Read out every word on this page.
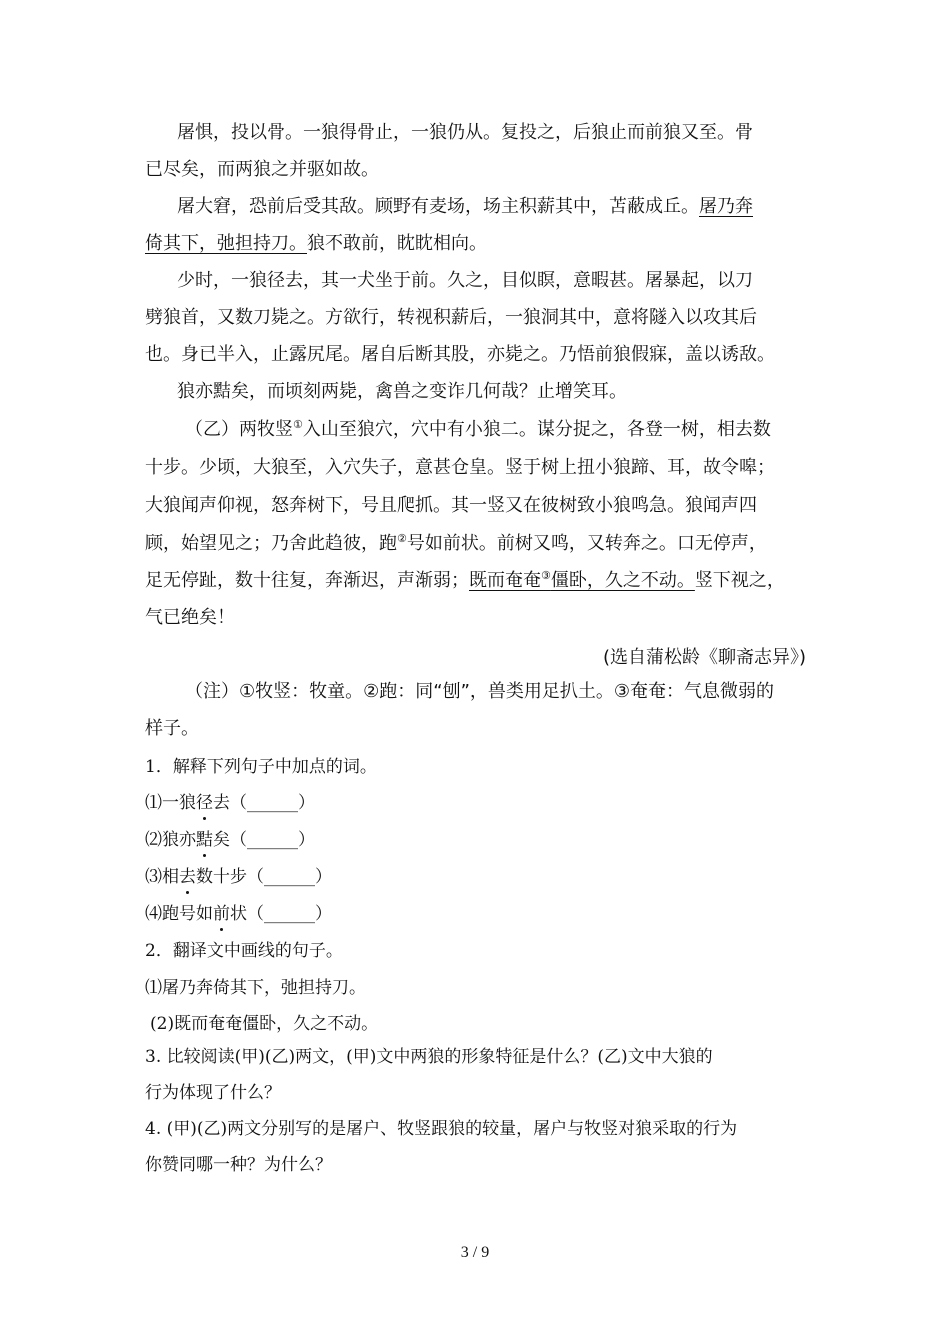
屠惧，投以骨。一狼得骨止，一狼仍从。复投之，后狼止而前狼又至。骨
已尽矣，而两狼之并驱如故。
屠大窘，恐前后受其敌。顾野有麦场，场主积薪其中，苫蔽成丘。屠乃奔
倚其下，弛担持刀。狼不敢前，眈眈相向。
少时，一狼径去，其一犬坐于前。久之，目似瞑，意暇甚。屠暴起，以刀
劈狼首，又数刀毙之。方欲行，转视积薪后，一狼洞其中，意将隧入以攻其后
也。身已半入，止露尻尾。屠自后断其股，亦毙之。乃悟前狼假寐，盖以诱敌。
狼亦黠矣，而顷刻两毙，禽兽之变诈几何哉？止增笑耳。
（乙）两牧竖①入山至狼穴，穴中有小狼二。谋分捉之，各登一树，相去数
十步。少顷，大狼至，入穴失子，意甚仓皇。竖于树上扭小狼蹄、耳，故令嗥；
大狼闻声仰视，怒奔树下，号且爬抓。其一竖又在彼树致小狼鸣急。狼闻声四
顾，始望见之；乃舍此趋彼，跑②号如前状。前树又鸣，又转奔之。口无停声，
足无停趾，数十往复，奔渐迟，声渐弱；既而奄奄③僵卧，久之不动。竖下视之，
气已绝矣！
(选自蒲松龄《聊斋志异》)
（注）①牧竖：牧童。②跑：同“刨”，兽类用足扒土。③奄奄：气息微弱的
样子。
1．解释下列句子中加点的词。
⑴一狼径去（______）
⑵狼亦黠矣（______）
⑶相去数十步（______）
⑷跑号如前状（______）
2．翻译文中画线的句子。
⑴屠乃奔倚其下，弛担持刀。
(2)既而奄奄僵卧，久之不动。
3. 比较阅读(甲)(乙)两文，(甲)文中两狼的形象特征是什么？(乙)文中大狼的
行为体现了什么？
4. (甲)(乙)两文分别写的是屠户、牧竖跟狼的较量，屠户与牧竖对狼采取的行为
你赞同哪一种？为什么？
3 / 9
